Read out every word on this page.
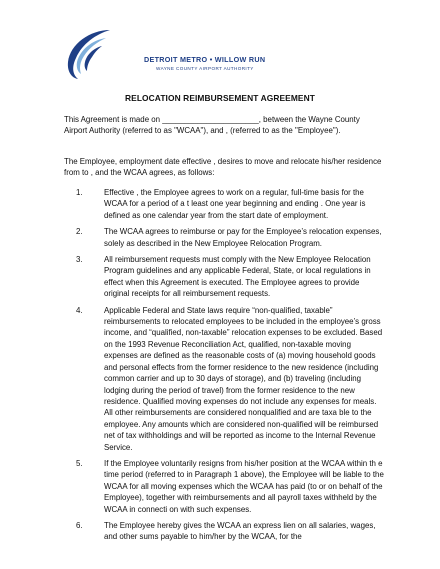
DETROIT METRO • WILLOW RUN
WAYNE COUNTY AIRPORT AUTHORITY
RELOCATION REIMBURSEMENT AGREEMENT
This Agreement is made on ______________________, between the Wayne County Airport Authority (referred to as "WCAA"), and , (referred to as the "Employee").
The Employee, employment date effective , desires to move and relocate his/her residence from to , and the WCAA agrees, as follows:
1.	Effective , the Employee agrees to work on a regular, full-time basis for the WCAA for a period of a t least one year beginning and ending . One year is defined as one calendar year from the start date of employment.
2.	The WCAA agrees to reimburse or pay for the Employee’s relocation expenses, solely as described in the New Employee Relocation Program.
3.	All reimbursement requests must comply with the New Employee Relocation Program guidelines and any applicable Federal, State, or local regulations in effect when this Agreement is executed. The Employee agrees to provide original receipts for all reimbursement requests.
4.	Applicable Federal and State laws require “non-qualified, taxable” reimbursements to relocated employees to be included in the employee’s gross income, and “qualified, non-taxable” relocation expenses to be excluded. Based on the 1993 Revenue Reconciliation Act, qualified, non-taxable moving expenses are defined as the reasonable costs of (a) moving household goods and personal effects from the former residence to the new residence (including common carrier and up to 30 days of storage), and (b) traveling (including lodging during the period of travel) from the former residence to the new residence. Qualified moving expenses do not include any expenses for meals. All other reimbursements are considered nonqualified and are taxa ble to the employee. Any amounts which are considered non-qualified will be reimbursed net of tax withholdings and will be reported as income to the Internal Revenue Service.
5.	If the Employee voluntarily resigns from his/her position at the WCAA within th e time period (referred to in Paragraph 1 above), the Employee will be liable to the WCAA for all moving expenses which the WCAA has paid (to or on behalf of the Employee), together with reimbursements and all payroll taxes withheld by the WCAA in connecti on with such expenses.
6.	The Employee hereby gives the WCAA an express lien on all salaries, wages, and other sums payable to him/her by the WCAA, for the
